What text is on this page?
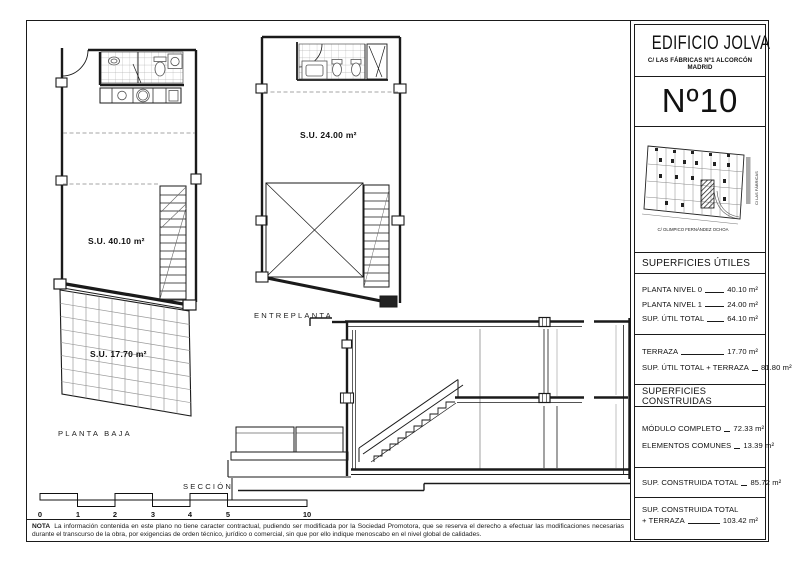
S.U. 40.10 m²
S.U. 17.70 m²
S.U. 24.00 m²
PLANTA BAJA
ENTREPLANTA
SECCIÓN
0	1	2	3	4	5	10
NOTA La información contenida en este plano no tiene caracter contractual, pudiendo ser modificada por la Sociedad Promotora, que se reserva el derecho a efectuar las modificaciones necesarias durante el transcurso de la obra, por exigencias de orden técnico, jurídico o comercial, sin que por ello indique menoscabo en el nivel global de calidades.
EDIFICIO JOLVA
C/ LAS FÁBRICAS Nº1 ALCORCÓN MADRID
Nº10
C/ OLIMPICO FERNÁNDEZ OCHOA
C/ LAS FÁBRICAS
SUPERFICIES ÚTILES
PLANTA NIVEL 0	40.10 m²
PLANTA NIVEL 1	24.00 m²
SUP. ÚTIL TOTAL	64.10 m²
TERRAZA	17.70 m²
SUP. ÚTIL TOTAL + TERRAZA 81.80 m²
SUPERFICIES CONSTRUIDAS
MÓDULO COMPLETO 72.33 m²
ELEMENTOS COMUNES 13.39 m²
SUP. CONSTRUIDA TOTAL 85.72 m²
SUP. CONSTRUIDA TOTAL
+ TERRAZA	103.42 m²
